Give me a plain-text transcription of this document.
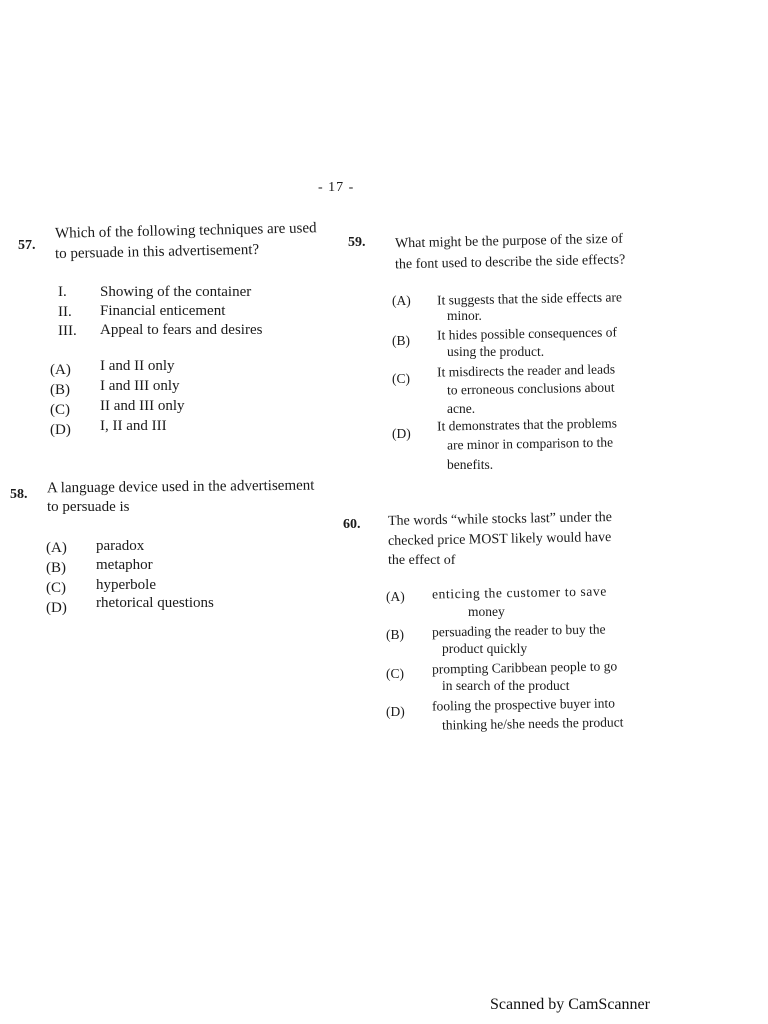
- 17 -
57.
Which of the following techniques are used
to persuade in this advertisement?
I. Showing of the container
II. Financial enticement
III. Appeal to fears and desires
(A) I and II only
(B) I and III only
(C) II and III only
(D) I, II and III
58. A language device used in the advertisement
to persuade is
(A) paradox
(B) metaphor
(C) hyperbole
(D) rhetorical questions
59. What might be the purpose of the size of
the font used to describe the side effects?
(A) It suggests that the side effects are
minor.
(B) It hides possible consequences of
using the product.
(C) It misdirects the reader and leads
to erroneous conclusions about
acne.
(D) It demonstrates that the problems
are minor in comparison to the
benefits.
60. The words “while stocks last” under the
checked price MOST likely would have
the effect of
(A) enticing the customer to save
money
(B) persuading the reader to buy the
product quickly
(C) prompting Caribbean people to go
in search of the product
(D) fooling the prospective buyer into
thinking he/she needs the product
Scanned by CamScanner
